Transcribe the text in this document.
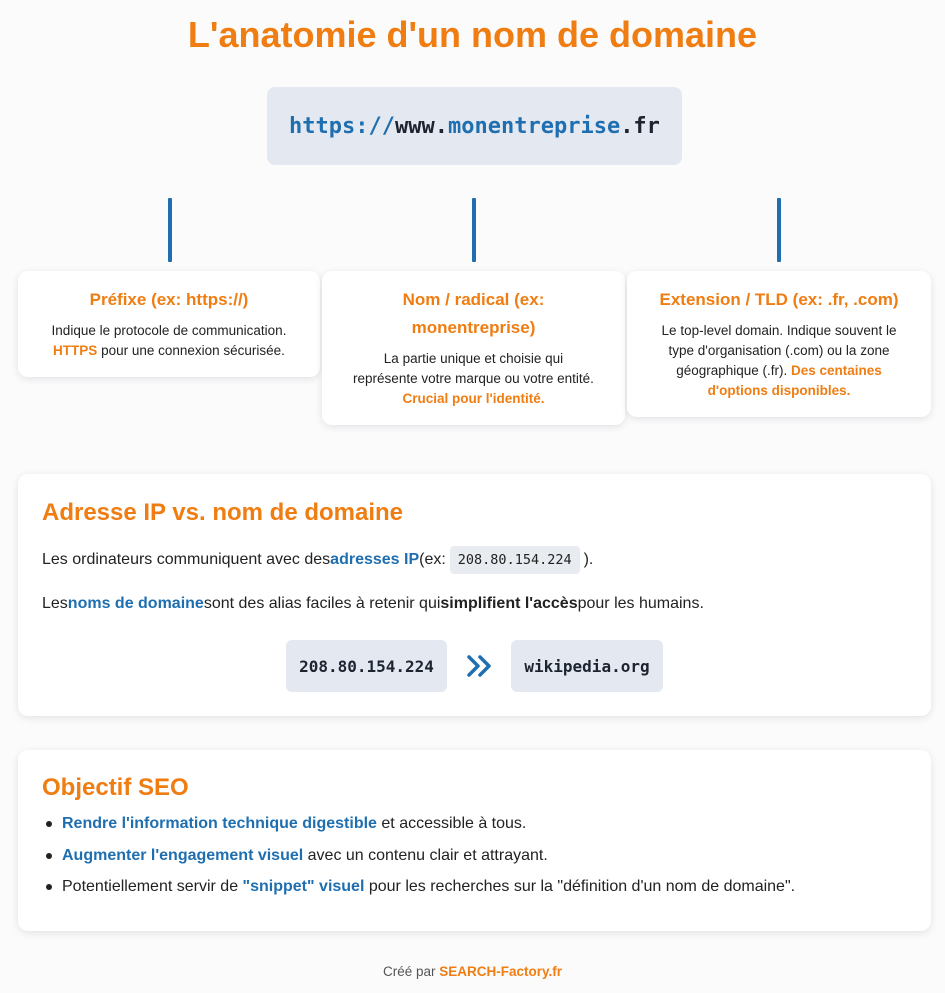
L'anatomie d'un nom de domaine
https:// www. monentreprise .fr
Préfixe (ex: https://)

Indique le protocole de communication.
HTTPS pour une connexion sécurisée.

Nom / radical (ex:
monentreprise)

La partie unique et choisie qui
représente votre marque ou votre entité.
Crucial pour l'identité.

Extension / TLD (ex: .fr, .com)

Le top-level domain. Indique souvent le
type d'organisation (.com) ou la zone
géographique (.fr). Des centaines
d'options disponibles.

Adresse IP vs. nom de domaine
Les ordinateurs communiquent avec des adresses IP (ex: 208.80.154.224 ).
Les noms de domaine sont des alias faciles à retenir qui simplifient l'accès pour les humains.
208.80.154.224	wikipedia.org
Objectif SEO
Rendre l'information technique digestible et accessible à tous.
Augmenter l'engagement visuel avec un contenu clair et attrayant.
Potentiellement servir de "snippet" visuel pour les recherches sur la "définition d'un nom de domaine".
Créé par SEARCH-Factory.fr
